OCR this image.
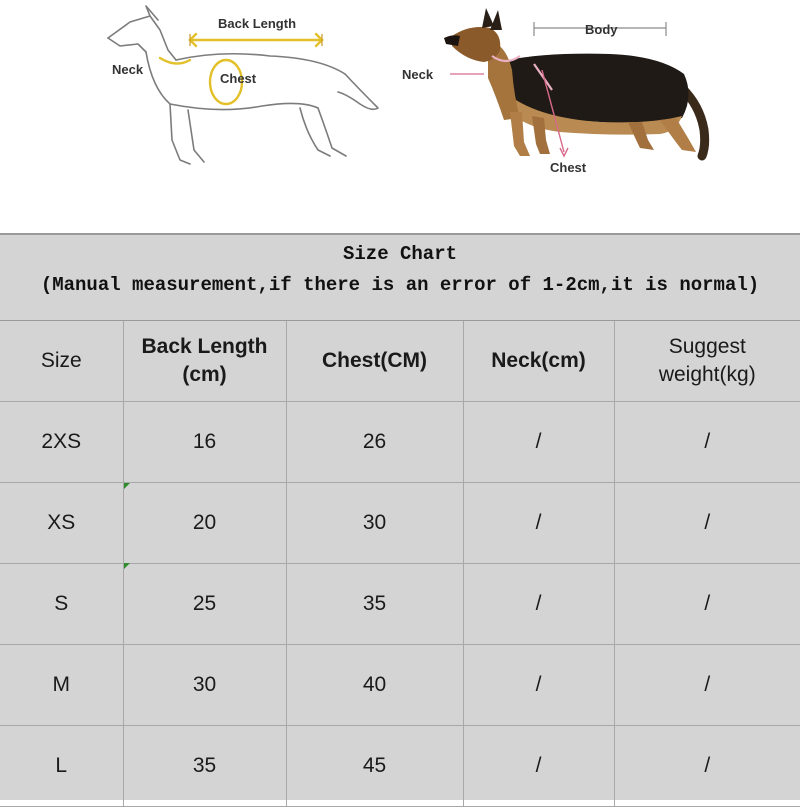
Back Length
Neck
Chest
Body
Neck
Chest
Size Chart
(Manual measurement,if there is an error of 1-2cm,it is normal)
Size	Back Length (cm)	Chest(CM)	Neck(cm)	Suggest weight(kg)
2XS	16	26	/	/
XS	20	30	/	/
S	25	35	/	/
M	30	40	/	/
L	35	45	/	/
